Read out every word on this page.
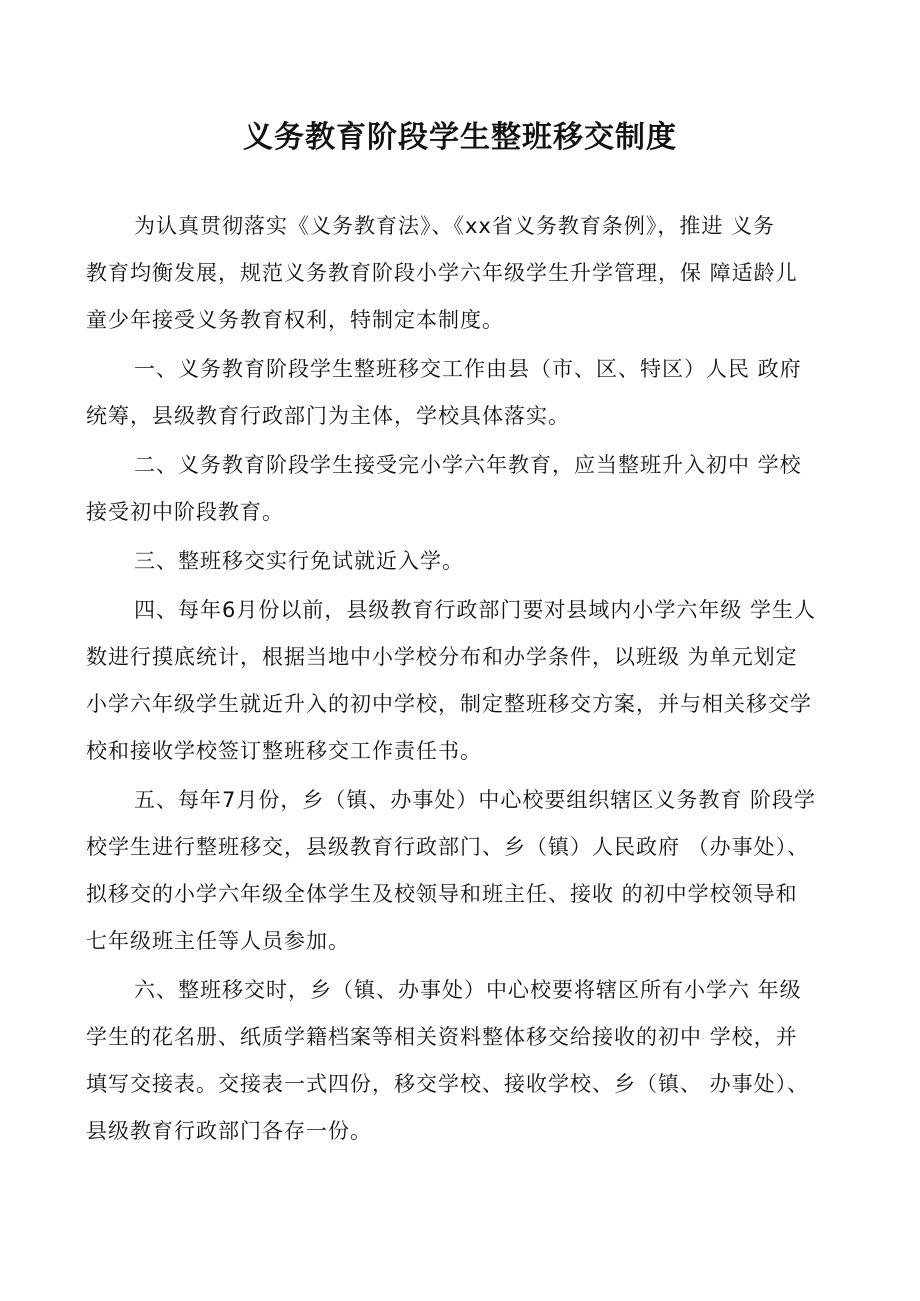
义务教育阶段学生整班移交制度

为认真贯彻落实《义务教育法》、《xx省义务教育条例》，推进 义务
教育均衡发展，规范义务教育阶段小学六年级学生升学管理，保 障适龄儿
童少年接受义务教育权利，特制定本制度。

一、义务教育阶段学生整班移交工作由县（市、区、特区）人民 政府
统筹，县级教育行政部门为主体，学校具体落实。

二、义务教育阶段学生接受完小学六年教育，应当整班升入初中 学校
接受初中阶段教育。

三、整班移交实行免试就近入学。

四、每年6月份以前，县级教育行政部门要对县域内小学六年级 学生人
数进行摸底统计，根据当地中小学校分布和办学条件，以班级 为单元划定
小学六年级学生就近升入的初中学校，制定整班移交方案，并与相关移交学
校和接收学校签订整班移交工作责任书。

五、每年7月份，乡（镇、办事处）中心校要组织辖区义务教育 阶段学
校学生进行整班移交，县级教育行政部门、乡（镇）人民政府 （办事处）、
拟移交的小学六年级全体学生及校领导和班主任、接收 的初中学校领导和
七年级班主任等人员参加。

六、整班移交时，乡（镇、办事处）中心校要将辖区所有小学六 年级
学生的花名册、纸质学籍档案等相关资料整体移交给接收的初中 学校，并
填写交接表。交接表一式四份，移交学校、接收学校、乡（镇、 办事处）、
县级教育行政部门各存一份。
